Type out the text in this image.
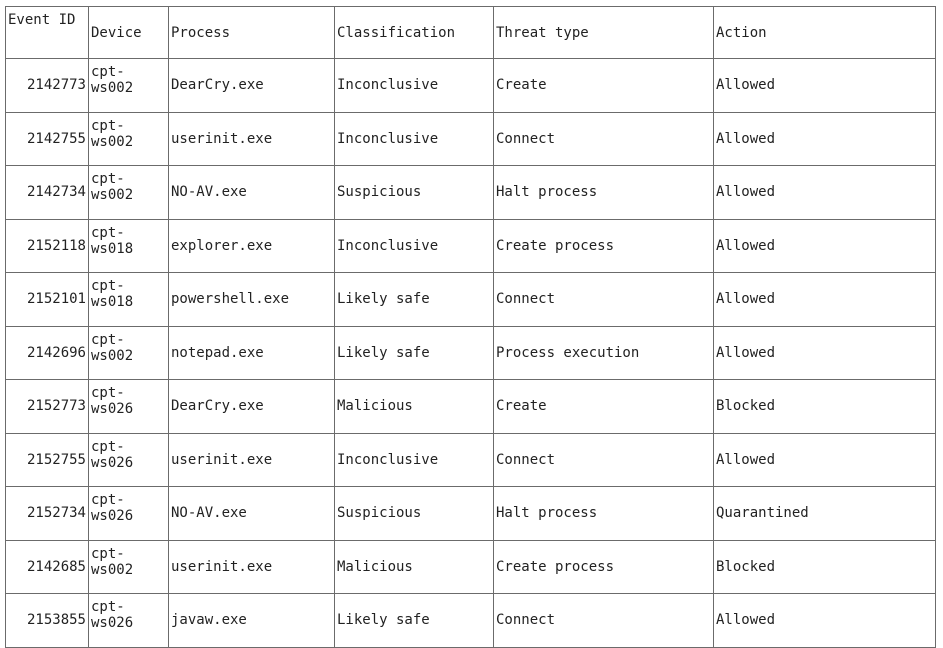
Event ID	Device	Process	Classification	Threat type	Action
2142773	cpt-ws002	DearCry.exe	Inconclusive	Create	Allowed
2142755	cpt-ws002	userinit.exe	Inconclusive	Connect	Allowed
2142734	cpt-ws002	NO-AV.exe	Suspicious	Halt process	Allowed
2152118	cpt-ws018	explorer.exe	Inconclusive	Create process	Allowed
2152101	cpt-ws018	powershell.exe	Likely safe	Connect	Allowed
2142696	cpt-ws002	notepad.exe	Likely safe	Process execution	Allowed
2152773	cpt-ws026	DearCry.exe	Malicious	Create	Blocked
2152755	cpt-ws026	userinit.exe	Inconclusive	Connect	Allowed
2152734	cpt-ws026	NO-AV.exe	Suspicious	Halt process	Quarantined
2142685	cpt-ws002	userinit.exe	Malicious	Create process	Blocked
2153855	cpt-ws026	javaw.exe	Likely safe	Connect	Allowed
